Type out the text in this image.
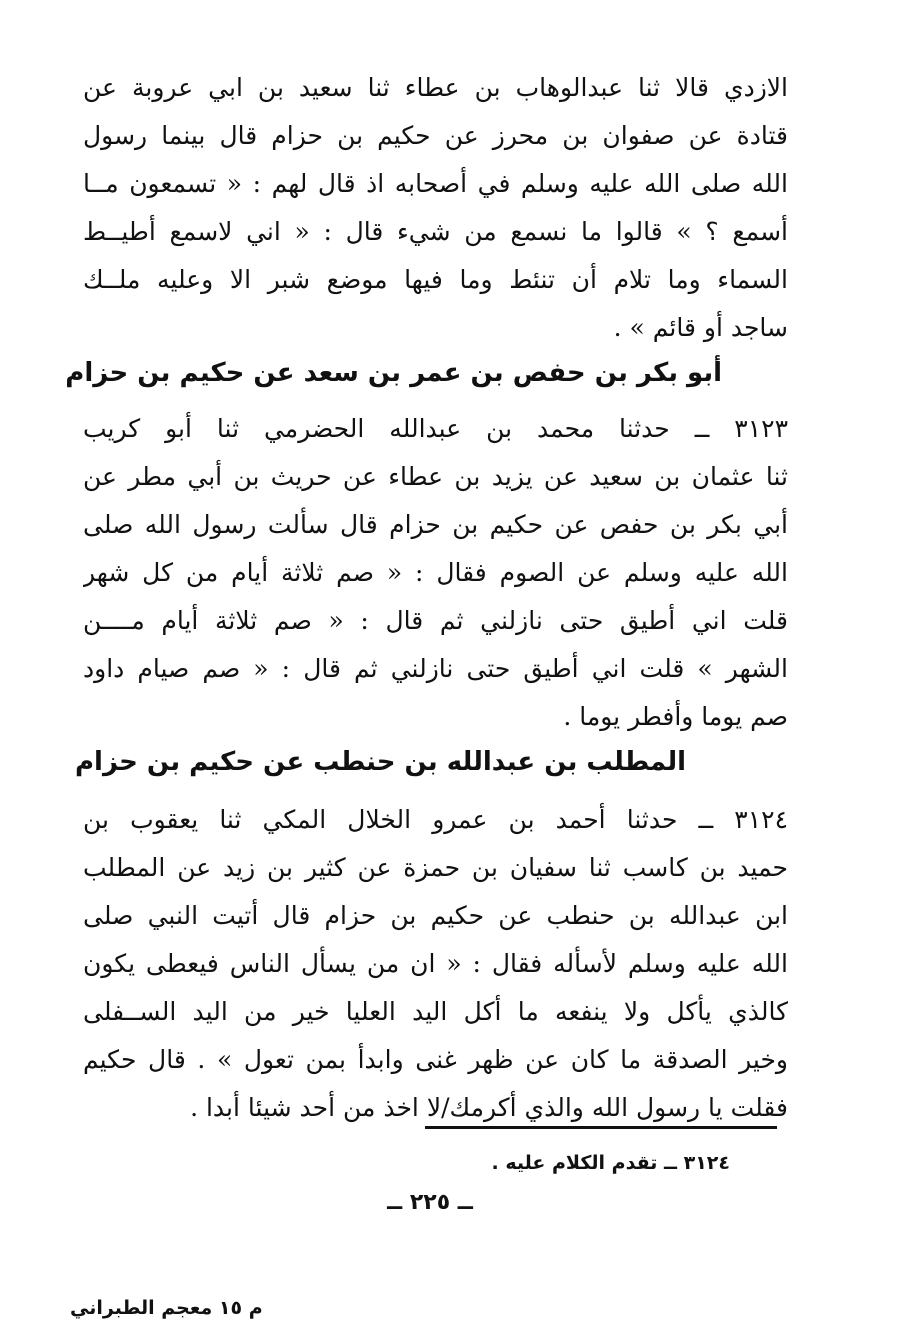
الازدي قالا ثنا عبدالوهاب بن عطاء ثنا سعيد بن ابي عروبة عن
قتادة عن صفوان بن محرز عن حكيم بن حزام قال بينما رسول
الله صلى الله عليه وسلم في أصحابه اذ قال لهم : « تسمعون مــا
أسمع ؟ » قالوا ما نسمع من شيء قال : « اني لاسمع أطيــط
السماء وما تلام أن تنئط وما فيها موضع شبر الا وعليه ملــك
ساجد أو قائم » .
أبو بكر بن حفص بن عمر بن سعد عن حكيم بن حزام
٣١٢٣ ــ حدثنا محمد بن عبدالله الحضرمي ثنا أبو كريب
ثنا عثمان بن سعيد عن يزيد بن عطاء عن حريث بن أبي مطر عن
أبي بكر بن حفص عن حكيم بن حزام قال سألت رسول الله صلى
الله عليه وسلم عن الصوم فقال : « صم ثلاثة أيام من كل شهر
قلت اني أطيق حتى نازلني ثم قال : « صم ثلاثة أيام مــــن
الشهر » قلت اني أطيق حتى نازلني ثم قال : « صم صيام داود
صم يوما وأفطر يوما .
المطلب بن عبدالله بن حنطب عن حكيم بن حزام
٣١٢٤ ــ حدثنا أحمد بن عمرو الخلال المكي ثنا يعقوب بن
حميد بن كاسب ثنا سفيان بن حمزة عن كثير بن زيد عن المطلب
ابن عبدالله بن حنطب عن حكيم بن حزام قال أتيت النبي صلى
الله عليه وسلم لأسأله فقال : « ان من يسأل الناس فيعطى يكون
كالذي يأكل ولا ينفعه ما أكل اليد العليا خير من اليد الســفلى
وخير الصدقة ما كان عن ظهر غنى وابدأ بمن تعول » . قال حكيم
فقلت يا رسول الله والذي أكرمك/لا اخذ من أحد شيئا أبدا .
٣١٢٤ ــ تقدم الكلام عليه .
ــ ٢٢٥ ــ
م ١٥ معجم الطبراني
